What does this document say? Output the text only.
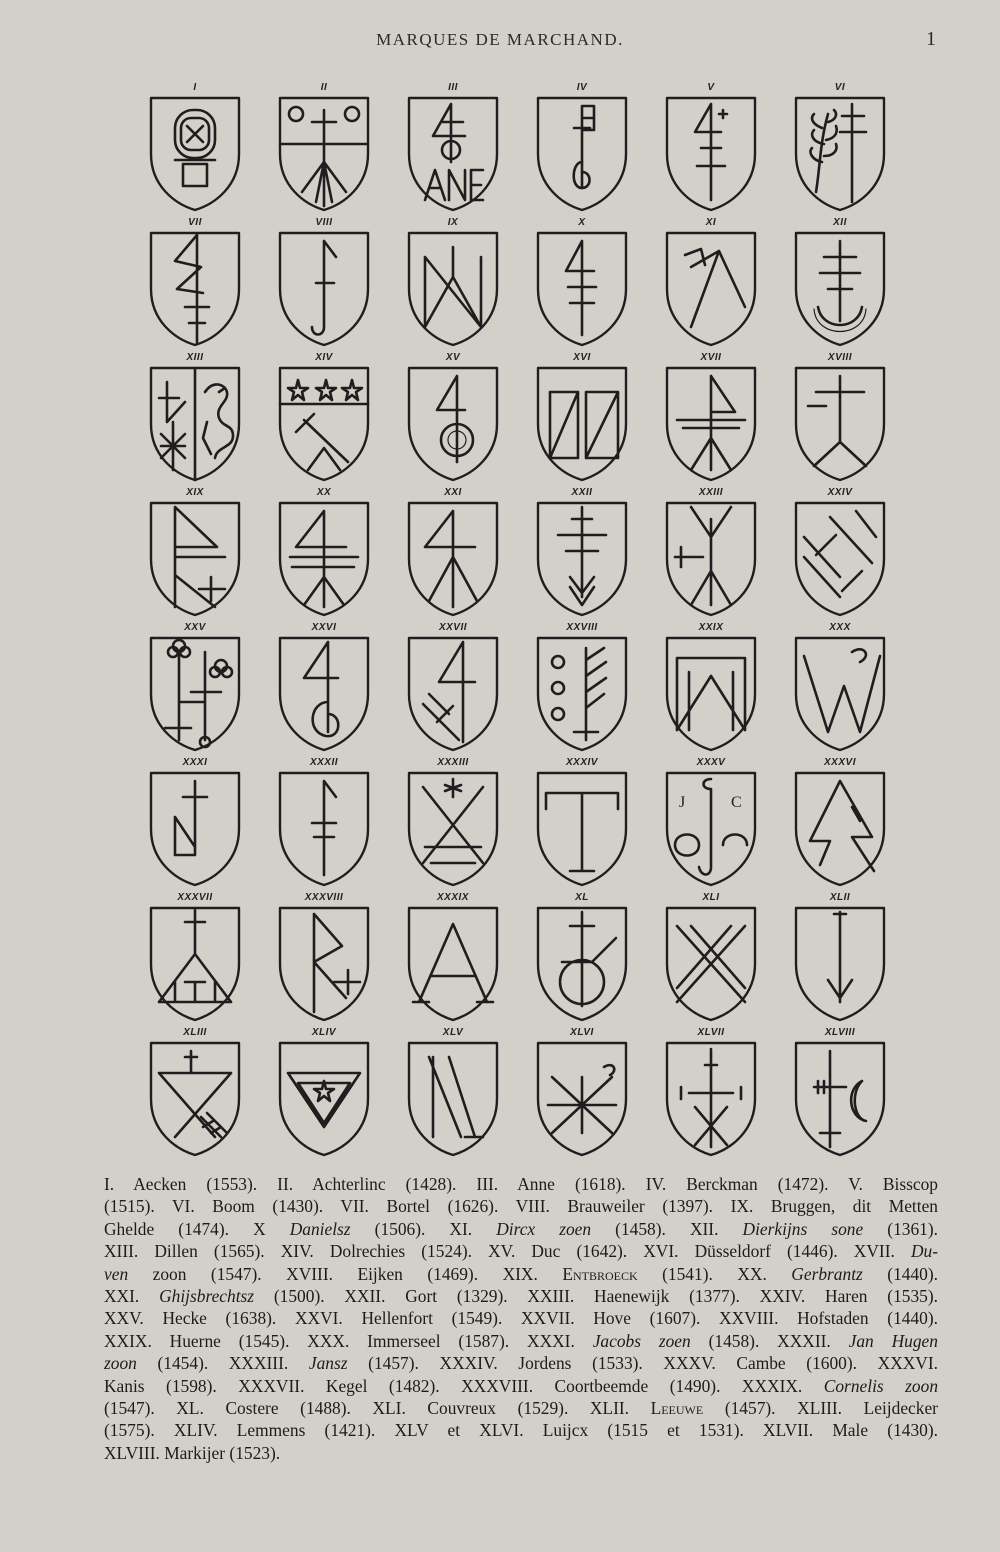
MARQUES DE MARCHAND.	1
I	II	III	IV	V	VI
VII	VIII	IX	X	XI	XII
XIII	XIV	XV	XVI	XVII	XVIII
XIX	XX	XXI	XXII	XXIII	XXIV
XXV	XXVI	XXVII	XXVIII	XXIX	XXX
XXXI	XXXII	XXXIII	XXXIV	XXXV
J	C
XXXVI
XXXVII	XXXVIII	XXXIX	XL	XLI	XLII
XLIII	XLIV	XLV	XLVI	XLVII	XLVIII
I. Aecken (1553). II. Achterlinc (1428). III. Anne (1618). IV. Berckman (1472). V. Bisscop
(1515). VI. Boom (1430). VII. Bortel (1626). VIII. Brauweiler (1397). IX. Bruggen, dit Metten
Ghelde (1474). X Danielsz (1506). XI. Dircx zoen (1458). XII. Dierkijns sone (1361).
XIII. Dillen (1565). XIV. Dolrechies (1524). XV. Duc (1642). XVI. Düsseldorf (1446). XVII. Du-
ven zoon (1547). XVIII. Eijken (1469). XIX. Entbroeck (1541). XX. Gerbrantz (1440).
XXI. Ghijsbrechtsz (1500). XXII. Gort (1329). XXIII. Haenewijk (1377). XXIV. Haren (1535).
XXV. Hecke (1638). XXVI. Hellenfort (1549). XXVII. Hove (1607). XXVIII. Hofstaden (1440).
XXIX. Huerne (1545). XXX. Immerseel (1587). XXXI. Jacobs zoen (1458). XXXII. Jan Hugen
zoon (1454). XXXIII. Jansz (1457). XXXIV. Jordens (1533). XXXV. Cambe (1600). XXXVI.
Kanis (1598). XXXVII. Kegel (1482). XXXVIII. Coortbeemde (1490). XXXIX. Cornelis zoon
(1547). XL. Costere (1488). XLI. Couvreux (1529). XLII. Leeuwe (1457). XLIII. Leijdecker
(1575). XLIV. Lemmens (1421). XLV et XLVI. Luijcx (1515 et 1531). XLVII. Male (1430).
XLVIII. Markijer (1523).
